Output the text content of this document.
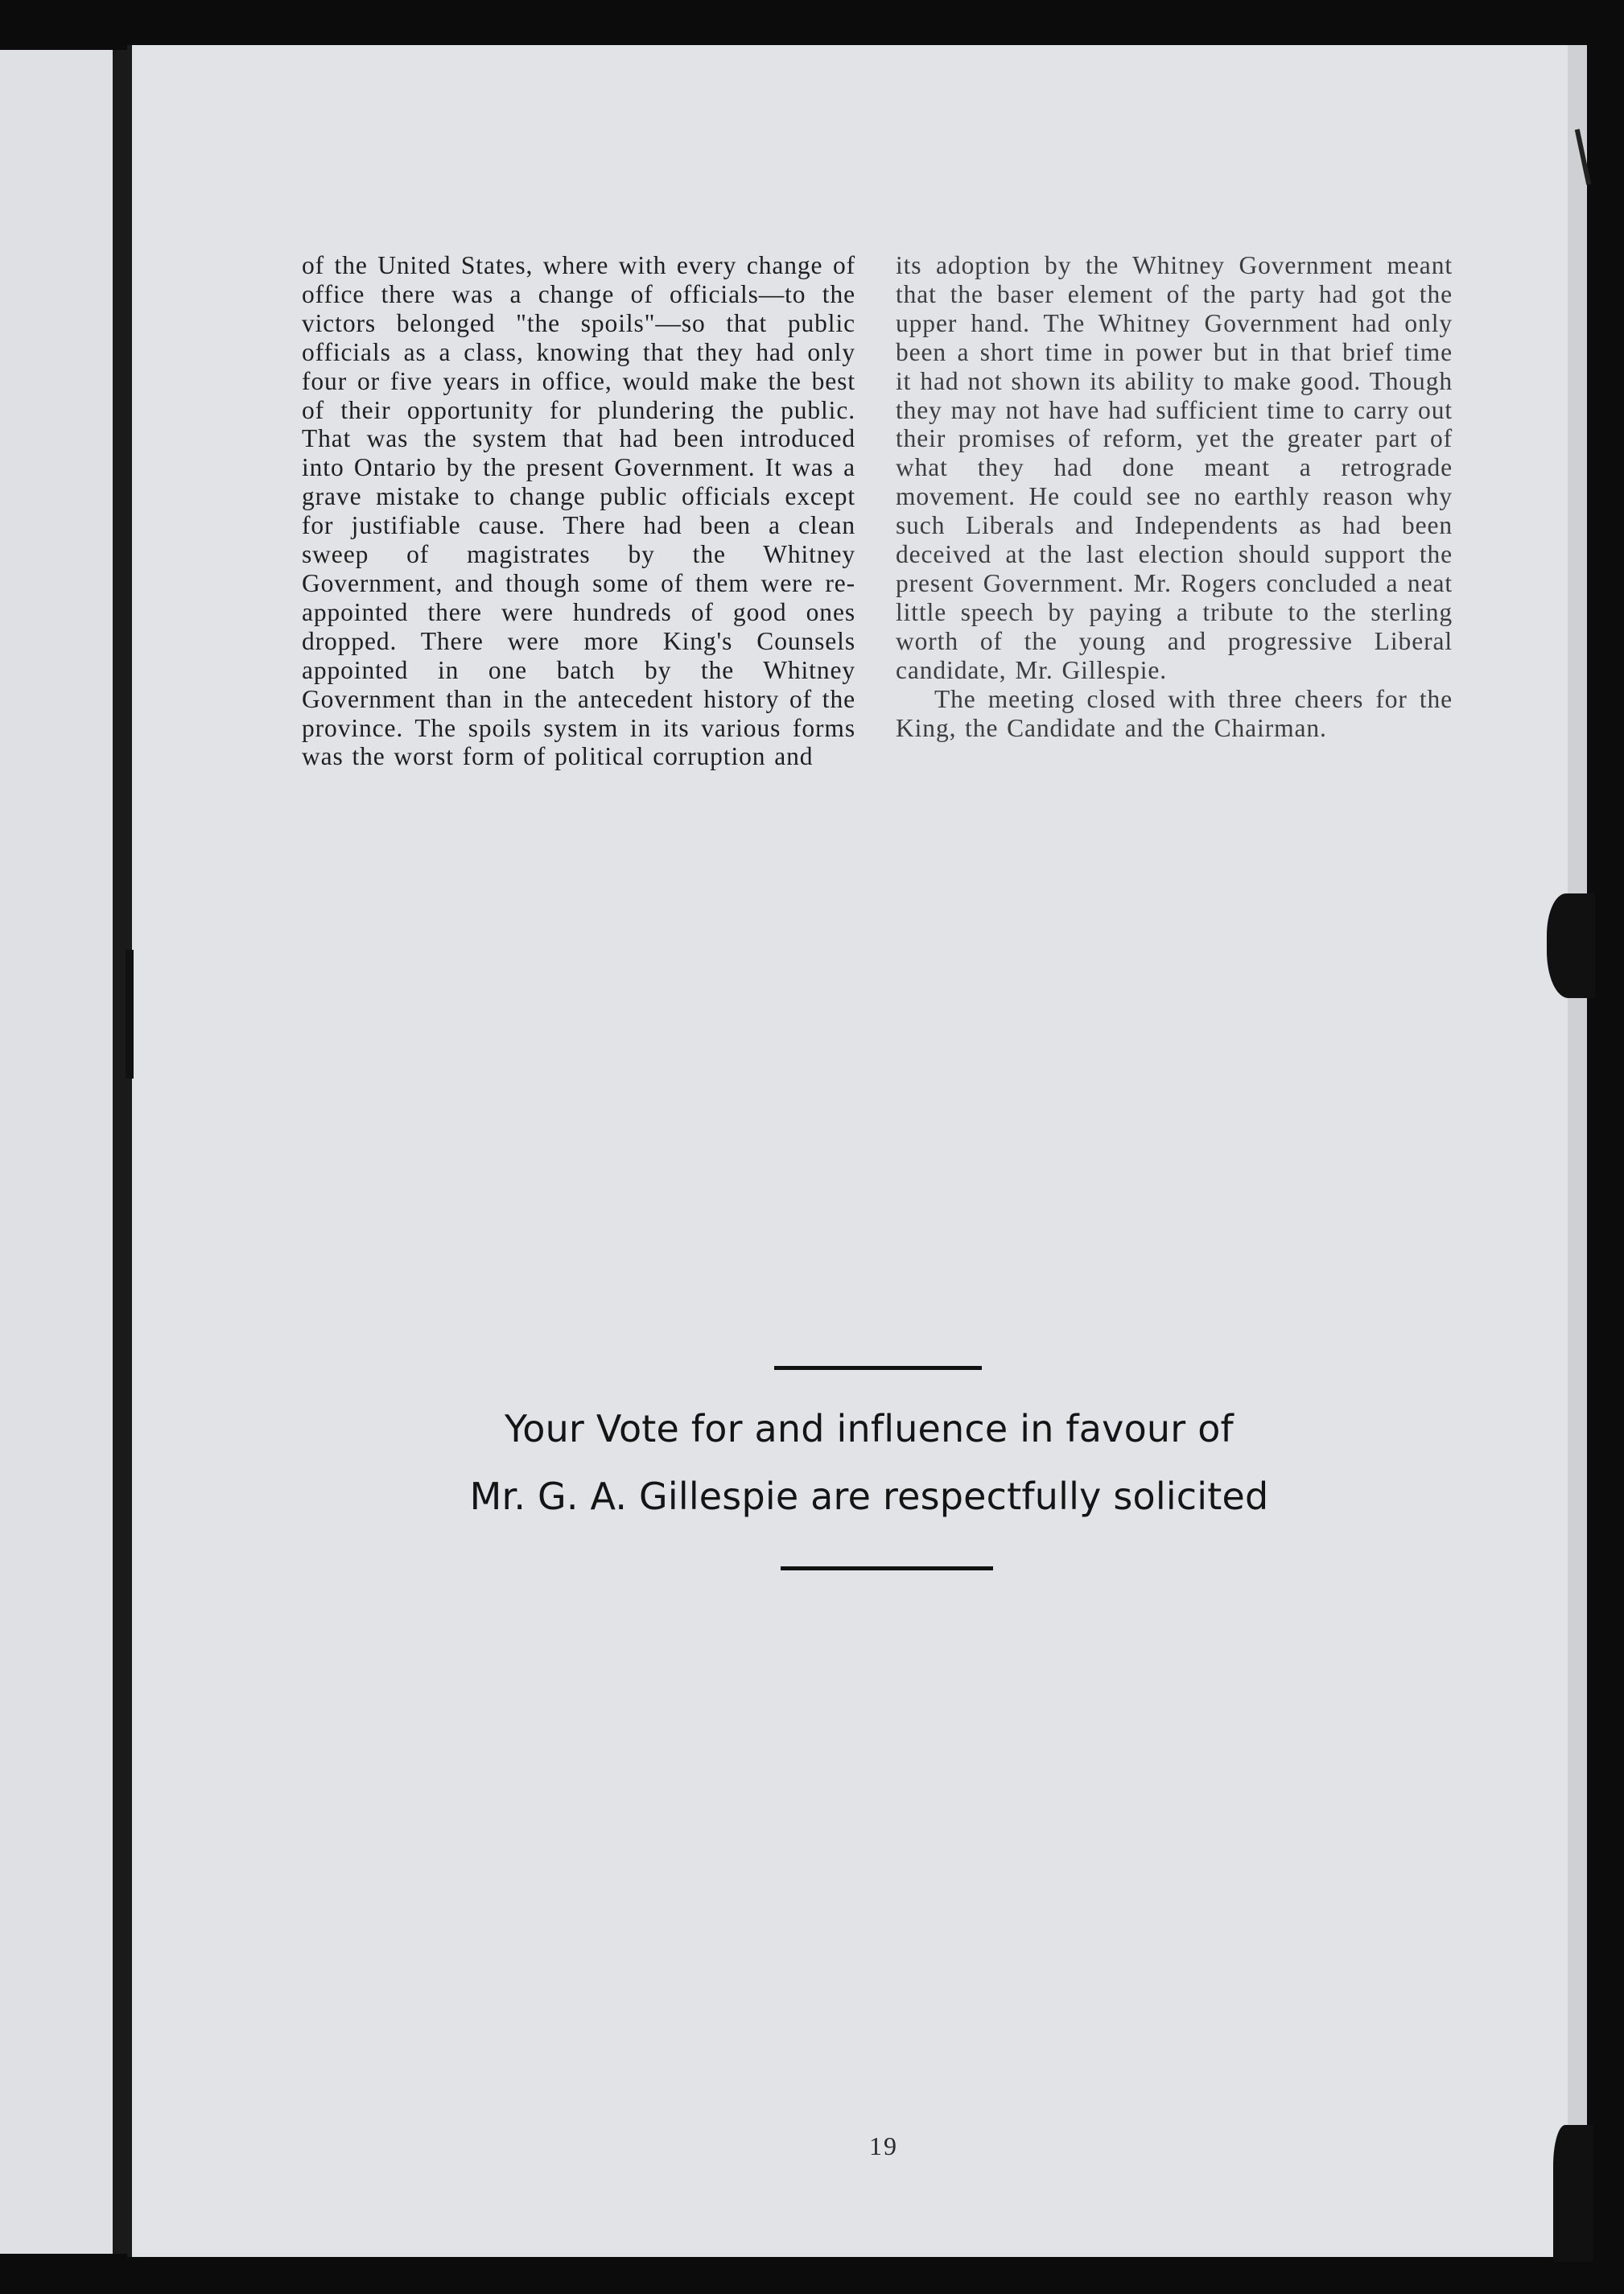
of the United States, where with every change of office there was a change of officials—to the victors belonged "the spoils"—so that public officials as a class, knowing that they had only four or five years in office, would make the best of their opportunity for plundering the public. That was the system that had been introduced into Ontario by the present Government. It was a grave mistake to change public officials except for justifiable cause. There had been a clean sweep of magistrates by the Whitney Government, and though some of them were re-appointed there were hundreds of good ones dropped. There were more King's Counsels appointed in one batch by the Whitney Government than in the antecedent history of the province. The spoils system in its various forms was the worst form of political corruption and

its adoption by the Whitney Government meant that the baser element of the party had got the upper hand. The Whitney Government had only been a short time in power but in that brief time it had not shown its ability to make good. Though they may not have had sufficient time to carry out their promises of reform, yet the greater part of what they had done meant a retrograde movement. He could see no earthly reason why such Liberals and Independents as had been deceived at the last election should support the present Government. Mr. Rogers concluded a neat little speech by paying a tribute to the sterling worth of the young and progressive Liberal candidate, Mr. Gillespie.

The meeting closed with three cheers for the King, the Candidate and the Chairman.

Your Vote for and influence in favour of
Mr. G. A. Gillespie are respectfully solicited
19
